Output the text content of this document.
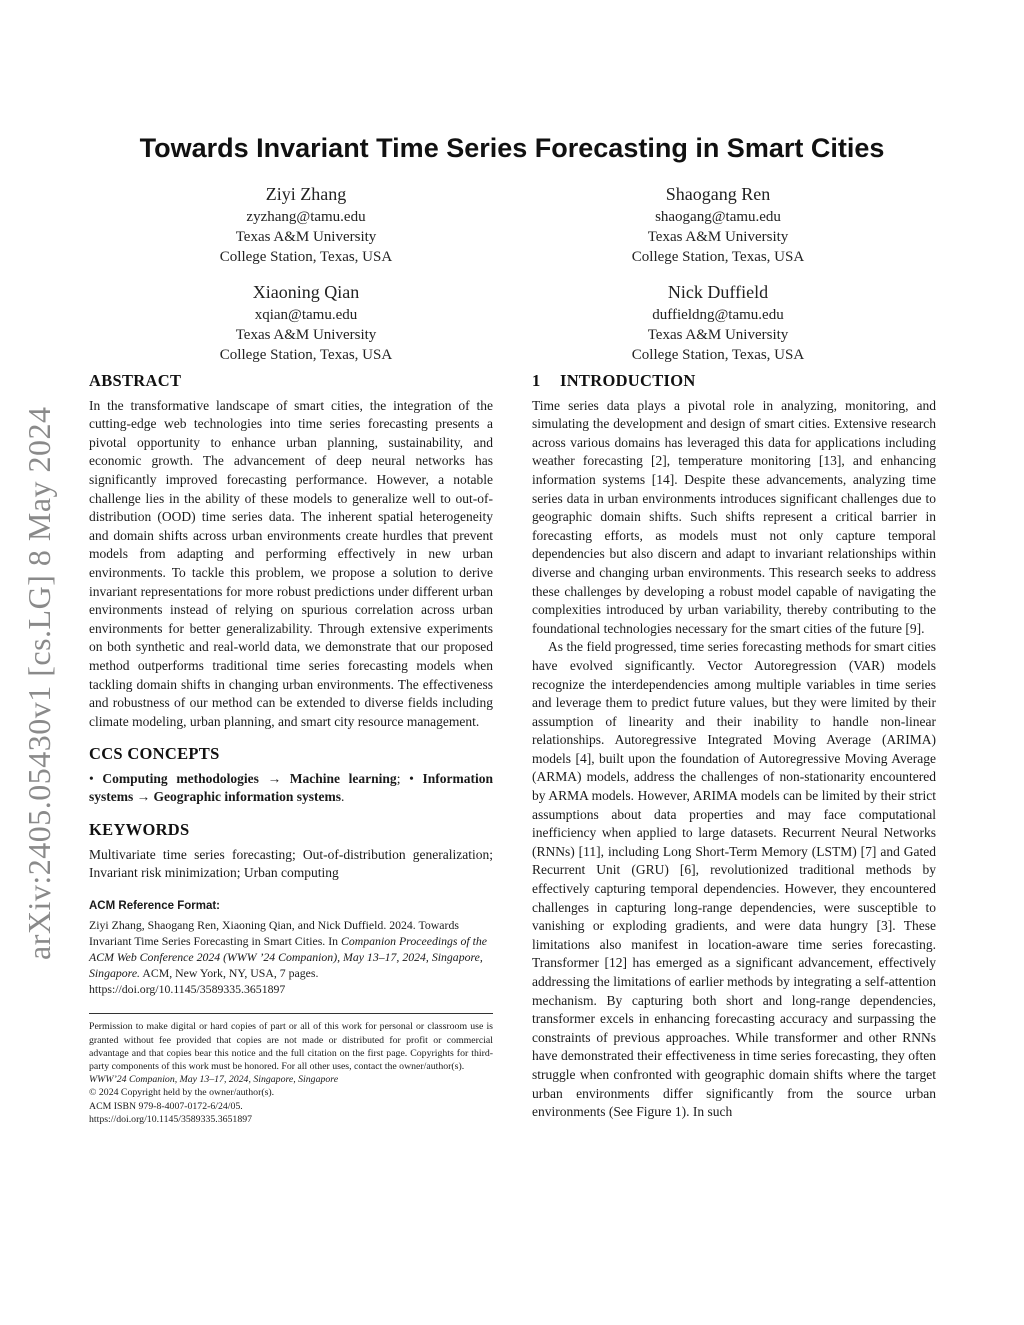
arXiv:2405.05430v1 [cs.LG] 8 May 2024
Towards Invariant Time Series Forecasting in Smart Cities
Ziyi Zhang
zyzhang@tamu.edu
Texas A&M University
College Station, Texas, USA
Shaogang Ren
shaogang@tamu.edu
Texas A&M University
College Station, Texas, USA
Xiaoning Qian
xqian@tamu.edu
Texas A&M University
College Station, Texas, USA
Nick Duffield
duffieldng@tamu.edu
Texas A&M University
College Station, Texas, USA
ABSTRACT

In the transformative landscape of smart cities, the integration of the cutting-edge web technologies into time series forecasting presents a pivotal opportunity to enhance urban planning, sustainability, and economic growth. The advancement of deep neural networks has significantly improved forecasting performance. However, a notable challenge lies in the ability of these models to generalize well to out-of-distribution (OOD) time series data. The inherent spatial heterogeneity and domain shifts across urban environments create hurdles that prevent models from adapting and performing effectively in new urban environments. To tackle this problem, we propose a solution to derive invariant representations for more robust predictions under different urban environments instead of relying on spurious correlation across urban environments for better generalizability. Through extensive experiments on both synthetic and real-world data, we demonstrate that our proposed method outperforms traditional time series forecasting models when tackling domain shifts in changing urban environments. The effectiveness and robustness of our method can be extended to diverse fields including climate modeling, urban planning, and smart city resource management.

CCS CONCEPTS

• Computing methodologies → Machine learning; • Information systems → Geographic information systems.

KEYWORDS

Multivariate time series forecasting; Out-of-distribution generalization; Invariant risk minimization; Urban computing

ACM Reference Format:
Ziyi Zhang, Shaogang Ren, Xiaoning Qian, and Nick Duffield. 2024. Towards Invariant Time Series Forecasting in Smart Cities. In Companion Proceedings of the ACM Web Conference 2024 (WWW ’24 Companion), May 13–17, 2024, Singapore, Singapore. ACM, New York, NY, USA, 7 pages. https://doi.org/10.1145/3589335.3651897
Permission to make digital or hard copies of part or all of this work for personal or classroom use is granted without fee provided that copies are not made or distributed for profit or commercial advantage and that copies bear this notice and the full citation on the first page. Copyrights for third-party components of this work must be honored. For all other uses, contact the owner/author(s).
WWW’24 Companion, May 13–17, 2024, Singapore, Singapore
© 2024 Copyright held by the owner/author(s).
ACM ISBN 979-8-4007-0172-6/24/05.
https://doi.org/10.1145/3589335.3651897
1 INTRODUCTION

Time series data plays a pivotal role in analyzing, monitoring, and simulating the development and design of smart cities. Extensive research across various domains has leveraged this data for applications including weather forecasting [2], temperature monitoring [13], and enhancing information systems [14]. Despite these advancements, analyzing time series data in urban environments introduces significant challenges due to geographic domain shifts. Such shifts represent a critical barrier in forecasting efforts, as models must not only capture temporal dependencies but also discern and adapt to invariant relationships within diverse and changing urban environments. This research seeks to address these challenges by developing a robust model capable of navigating the complexities introduced by urban variability, thereby contributing to the foundational technologies necessary for the smart cities of the future [9].

As the field progressed, time series forecasting methods for smart cities have evolved significantly. Vector Autoregression (VAR) models recognize the interdependencies among multiple variables in time series and leverage them to predict future values, but they were limited by their assumption of linearity and their inability to handle non-linear relationships. Autoregressive Integrated Moving Average (ARIMA) models [4], built upon the foundation of Autoregressive Moving Average (ARMA) models, address the challenges of non-stationarity encountered by ARMA models. However, ARIMA models can be limited by their strict assumptions about data properties and may face computational inefficiency when applied to large datasets. Recurrent Neural Networks (RNNs) [11], including Long Short-Term Memory (LSTM) [7] and Gated Recurrent Unit (GRU) [6], revolutionized traditional methods by effectively capturing temporal dependencies. However, they encountered challenges in capturing long-range dependencies, were susceptible to vanishing or exploding gradients, and were data hungry [3]. These limitations also manifest in location-aware time series forecasting. Transformer [12] has emerged as a significant advancement, effectively addressing the limitations of earlier methods by integrating a self-attention mechanism. By capturing both short and long-range dependencies, transformer excels in enhancing forecasting accuracy and surpassing the constraints of previous approaches. While transformer and other RNNs have demonstrated their effectiveness in time series forecasting, they often struggle when confronted with geographic domain shifts where the target urban environments differ significantly from the source urban environments (See Figure 1). In such
